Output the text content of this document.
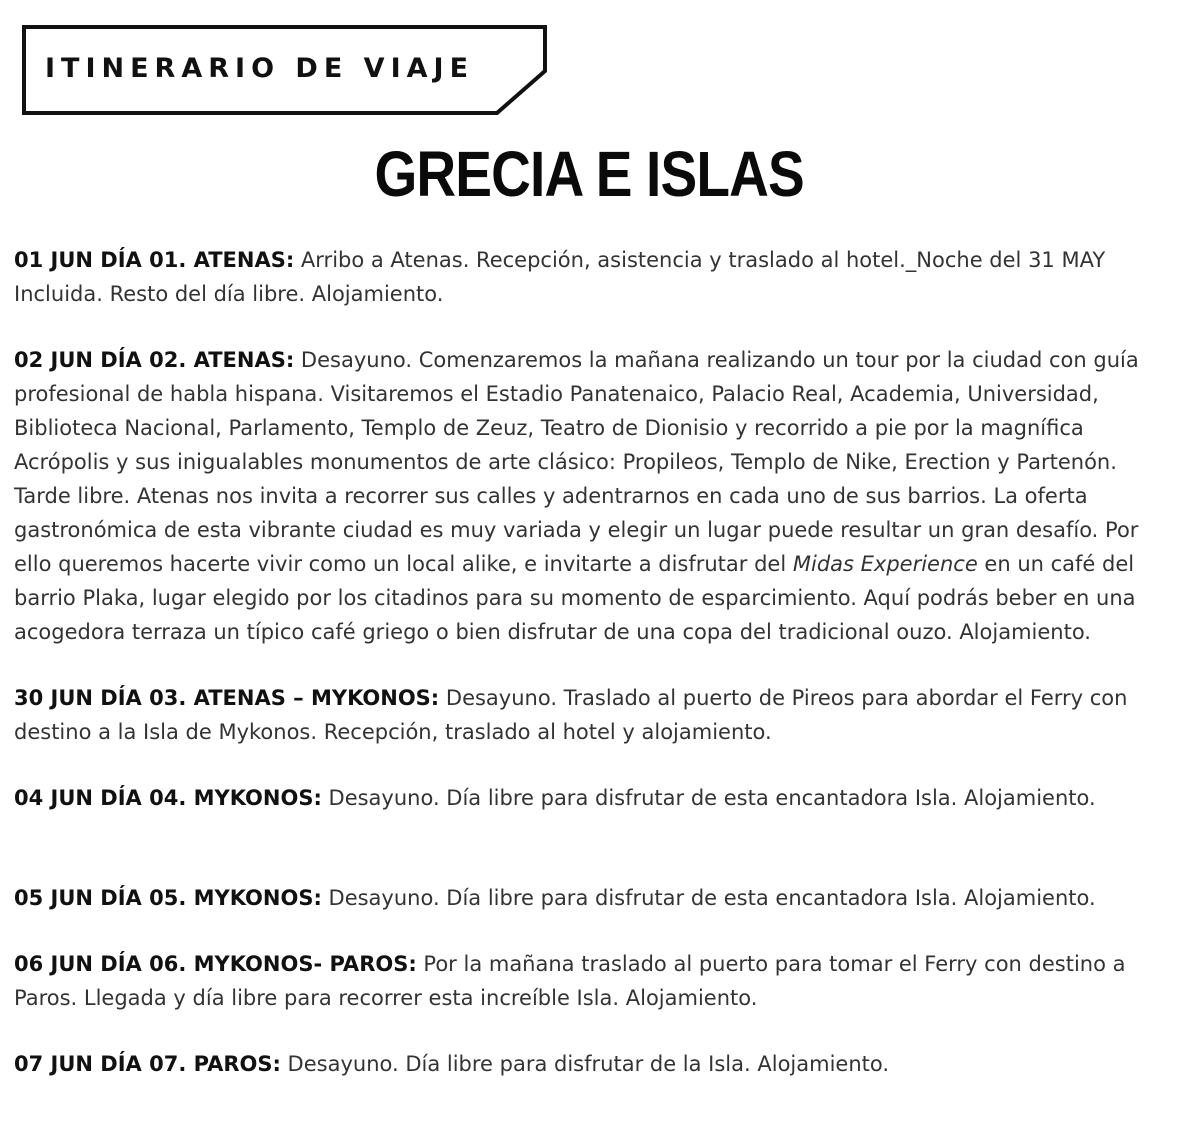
ITINERARIO DE VIAJE
GRECIA E ISLAS

01 JUN DÍA 01. ATENAS: Arribo a Atenas. Recepción, asistencia y traslado al hotel._Noche del 31 MAY Incluida. Resto del día libre. Alojamiento.

02 JUN DÍA 02. ATENAS: Desayuno. Comenzaremos la mañana realizando un tour por la ciudad con guía profesional de habla hispana. Visitaremos el Estadio Panatenaico, Palacio Real, Academia, Universidad, Biblioteca Nacional, Parlamento, Templo de Zeuz, Teatro de Dionisio y recorrido a pie por la magnífica Acrópolis y sus inigualables monumentos de arte clásico: Propileos, Templo de Nike, Erection y Partenón. Tarde libre. Atenas nos invita a recorrer sus calles y adentrarnos en cada uno de sus barrios. La oferta gastronómica de esta vibrante ciudad es muy variada y elegir un lugar puede resultar un gran desafío. Por ello queremos hacerte vivir como un local alike, e invitarte a disfrutar del Midas Experience en un café del barrio Plaka, lugar elegido por los citadinos para su momento de esparcimiento. Aquí podrás beber en una acogedora terraza un típico café griego o bien disfrutar de una copa del tradicional ouzo. Alojamiento.

30 JUN DÍA 03. ATENAS – MYKONOS: Desayuno. Traslado al puerto de Pireos para abordar el Ferry con destino a la Isla de Mykonos. Recepción, traslado al hotel y alojamiento.

04 JUN DÍA 04. MYKONOS: Desayuno. Día libre para disfrutar de esta encantadora Isla. Alojamiento.

05 JUN DÍA 05. MYKONOS: Desayuno. Día libre para disfrutar de esta encantadora Isla. Alojamiento.

06 JUN DÍA 06. MYKONOS- PAROS: Por la mañana traslado al puerto para tomar el Ferry con destino a Paros. Llegada y día libre para recorrer esta increíble Isla. Alojamiento.

07 JUN DÍA 07. PAROS: Desayuno. Día libre para disfrutar de la Isla. Alojamiento.
